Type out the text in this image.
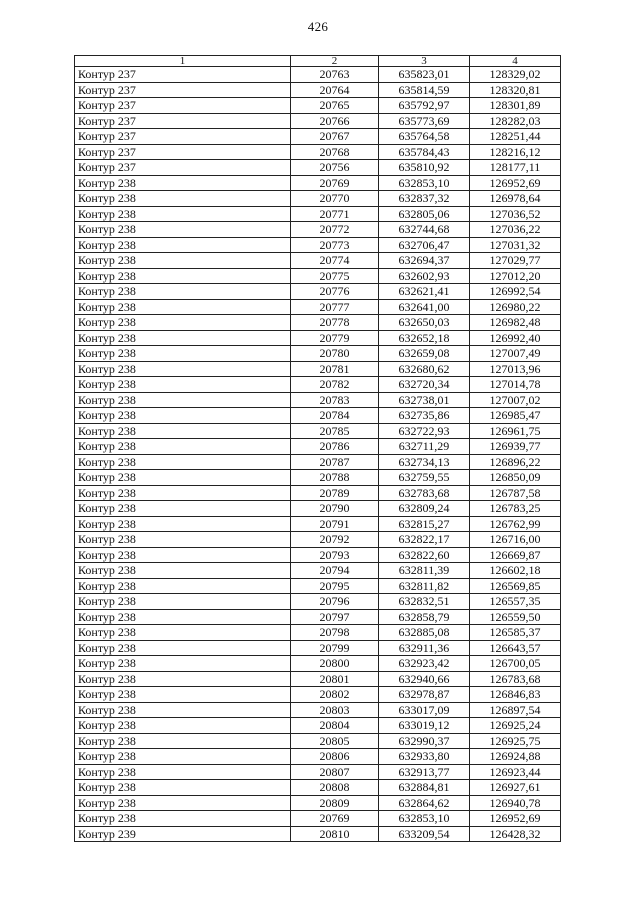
426
1	2	3	4
Контур 237	20763	635823,01	128329,02
Контур 237	20764	635814,59	128320,81
Контур 237	20765	635792,97	128301,89
Контур 237	20766	635773,69	128282,03
Контур 237	20767	635764,58	128251,44
Контур 237	20768	635784,43	128216,12
Контур 237	20756	635810,92	128177,11
Контур 238	20769	632853,10	126952,69
Контур 238	20770	632837,32	126978,64
Контур 238	20771	632805,06	127036,52
Контур 238	20772	632744,68	127036,22
Контур 238	20773	632706,47	127031,32
Контур 238	20774	632694,37	127029,77
Контур 238	20775	632602,93	127012,20
Контур 238	20776	632621,41	126992,54
Контур 238	20777	632641,00	126980,22
Контур 238	20778	632650,03	126982,48
Контур 238	20779	632652,18	126992,40
Контур 238	20780	632659,08	127007,49
Контур 238	20781	632680,62	127013,96
Контур 238	20782	632720,34	127014,78
Контур 238	20783	632738,01	127007,02
Контур 238	20784	632735,86	126985,47
Контур 238	20785	632722,93	126961,75
Контур 238	20786	632711,29	126939,77
Контур 238	20787	632734,13	126896,22
Контур 238	20788	632759,55	126850,09
Контур 238	20789	632783,68	126787,58
Контур 238	20790	632809,24	126783,25
Контур 238	20791	632815,27	126762,99
Контур 238	20792	632822,17	126716,00
Контур 238	20793	632822,60	126669,87
Контур 238	20794	632811,39	126602,18
Контур 238	20795	632811,82	126569,85
Контур 238	20796	632832,51	126557,35
Контур 238	20797	632858,79	126559,50
Контур 238	20798	632885,08	126585,37
Контур 238	20799	632911,36	126643,57
Контур 238	20800	632923,42	126700,05
Контур 238	20801	632940,66	126783,68
Контур 238	20802	632978,87	126846,83
Контур 238	20803	633017,09	126897,54
Контур 238	20804	633019,12	126925,24
Контур 238	20805	632990,37	126925,75
Контур 238	20806	632933,80	126924,88
Контур 238	20807	632913,77	126923,44
Контур 238	20808	632884,81	126927,61
Контур 238	20809	632864,62	126940,78
Контур 238	20769	632853,10	126952,69
Контур 239	20810	633209,54	126428,32
